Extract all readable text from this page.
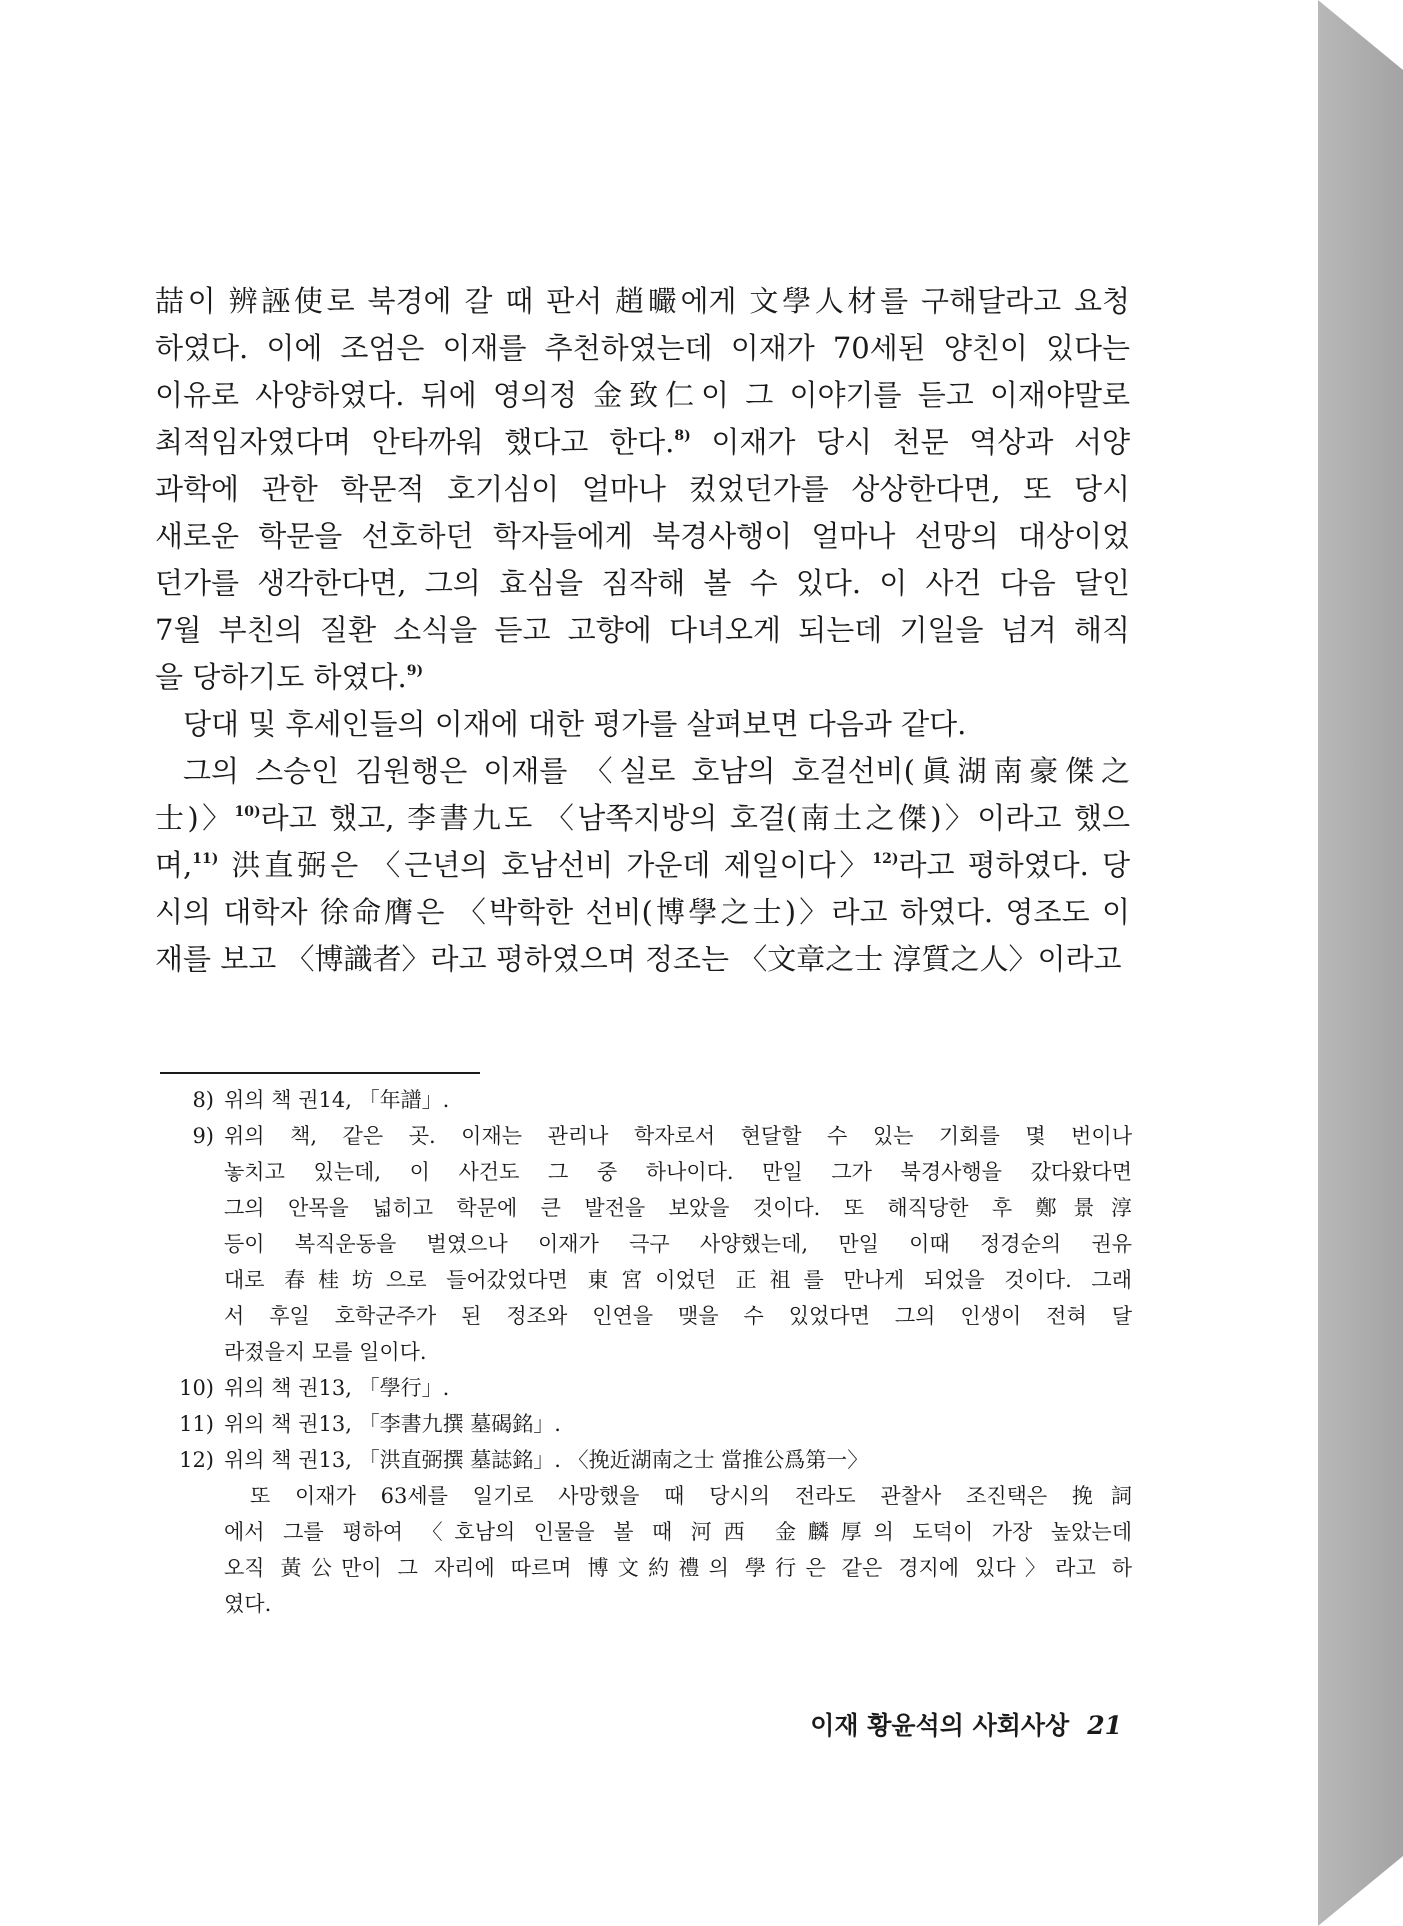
喆이 辨誣使로 북경에 갈 때 판서 趙曮에게 文學人材를 구해달라고 요청
하였다. 이에 조엄은 이재를 추천하였는데 이재가 70세된 양친이 있다는
이유로 사양하였다. 뒤에 영의정 金致仁이 그 이야기를 듣고 이재야말로
최적임자였다며 안타까워 했다고 한다.$^{8)}$ 이재가 당시 천문 역상과 서양
과학에 관한 학문적 호기심이 얼마나 컸었던가를 상상한다면, 또 당시
새로운 학문을 선호하던 학자들에게 북경사행이 얼마나 선망의 대상이었
던가를 생각한다면, 그의 효심을 짐작해 볼 수 있다. 이 사건 다음 달인
7월 부친의 질환 소식을 듣고 고향에 다녀오게 되는데 기일을 넘겨 해직
을 당하기도 하였다.$^{9)}$
당대 및 후세인들의 이재에 대한 평가를 살펴보면 다음과 같다.
그의 스승인 김원행은 이재를 〈실로 호남의 호걸선비(眞湖南豪傑之
士)〉$^{10)}$라고 했고, 李書九도 〈남쪽지방의 호걸(南土之傑)〉이라고 했으
며,$^{11)}$ 洪直弼은 〈근년의 호남선비 가운데 제일이다〉$^{12)}$라고 평하였다. 당
시의 대학자 徐命膺은 〈박학한 선비(博學之士)〉라고 하였다. 영조도 이
재를 보고 〈博識者〉라고 평하였으며 정조는 〈文章之士 淳質之人〉이라고
8) 위의 책 권14, 「年譜」.
9) 위의 책, 같은 곳. 이재는 관리나 학자로서 현달할 수 있는 기회를 몇 번이나
놓치고 있는데, 이 사건도 그 중 하나이다. 만일 그가 북경사행을 갔다왔다면
그의 안목을 넓히고 학문에 큰 발전을 보았을 것이다. 또 해직당한 후 鄭景淳
등이 복직운동을 벌였으나 이재가 극구 사양했는데, 만일 이때 정경순의 권유
대로 春桂坊으로 들어갔었다면 東宮이었던 正祖를 만나게 되었을 것이다. 그래
서 후일 호학군주가 된 정조와 인연을 맺을 수 있었다면 그의 인생이 전혀 달
라졌을지 모를 일이다.
10) 위의 책 권13, 「學行」.
11) 위의 책 권13, 「李書九撰 墓碣銘」.
12) 위의 책 권13, 「洪直弼撰 墓誌銘」. 〈挽近湖南之士 當推公爲第一〉
또 이재가 63세를 일기로 사망했을 때 당시의 전라도 관찰사 조진택은 挽詞
에서 그를 평하여 〈호남의 인물을 볼 때 河西 金麟厚의 도덕이 가장 높았는데
오직 黃公만이 그 자리에 따르며 博文約禮의 學行은 같은 경지에 있다〉라고 하
였다.
이재 황윤석의 사회사상 21
